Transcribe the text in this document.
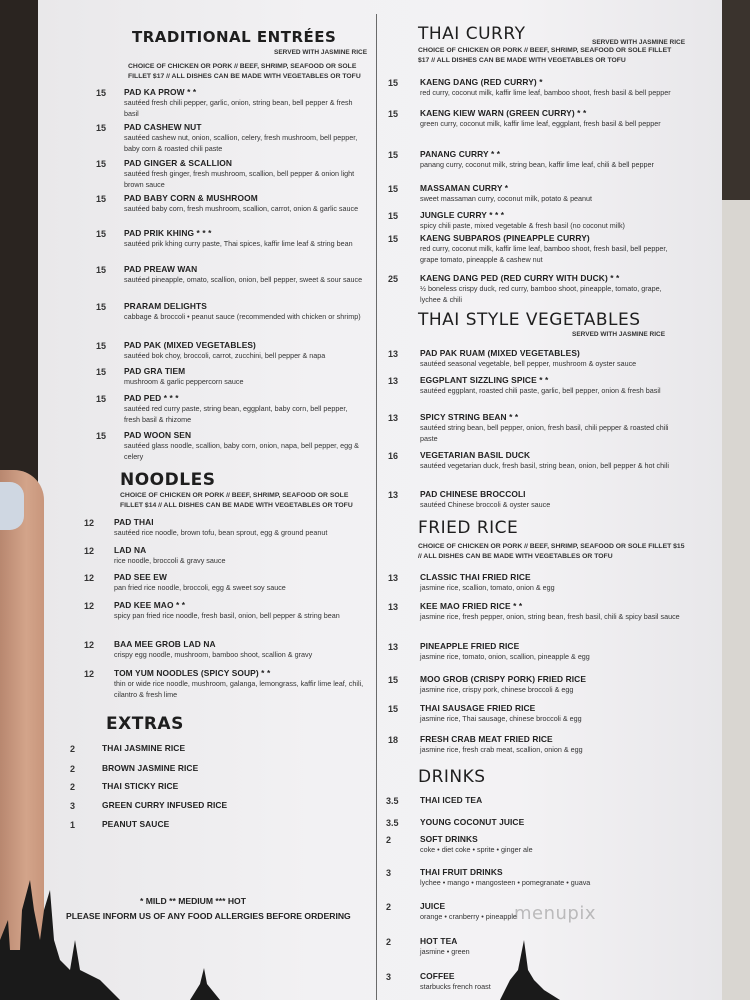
TRADITIONAL ENTRÉES
SERVED WITH JASMINE RICE
CHOICE OF CHICKEN OR PORK // BEEF, SHRIMP, SEAFOOD OR SOLE FILLET $17 // ALL DISHES CAN BE MADE WITH VEGETABLES OR TOFU
15 PAD KA PROW * *
sautéed fresh chili pepper, garlic, onion, string bean, bell pepper & fresh basil
15 PAD CASHEW NUT
sautéed cashew nut, onion, scallion, celery, fresh mushroom, bell pepper, baby corn & roasted chili paste
15 PAD GINGER & SCALLION
sautéed fresh ginger, fresh mushroom, scallion, bell pepper & onion light brown sauce
15 PAD BABY CORN & MUSHROOM
sautéed baby corn, fresh mushroom, scallion, carrot, onion & garlic sauce
15 PAD PRIK KHING * * *
sautéed prik khing curry paste, Thai spices, kaffir lime leaf & string bean
15 PAD PREAW WAN
sautéed pineapple, omato, scallion, onion, bell pepper, sweet & sour sauce
15 PRARAM DELIGHTS
cabbage & broccoli • peanut sauce (recommended with chicken or shrimp)
15 PAD PAK (MIXED VEGETABLES)
sautéed bok choy, broccoli, carrot, zucchini, bell pepper & napa
15 PAD GRA TIEM
mushroom & garlic peppercorn sauce
15 PAD PED * * *
sautéed red curry paste, string bean, eggplant, baby corn, bell pepper, fresh basil & rhizome
15 PAD WOON SEN
sautéed glass noodle, scallion, baby corn, onion, napa, bell pepper, egg & celery
NOODLES
CHOICE OF CHICKEN OR PORK // BEEF, SHRIMP, SEAFOOD OR SOLE FILLET $14 // ALL DISHES CAN BE MADE WITH VEGETABLES OR TOFU
12 PAD THAI
sautéed rice noodle, brown tofu, bean sprout, egg & ground peanut
12 LAD NA
rice noodle, broccoli & gravy sauce
12 PAD SEE EW
pan fried rice noodle, broccoli, egg & sweet soy sauce
12 PAD KEE MAO * *
spicy pan fried rice noodle, fresh basil, onion, bell pepper & string bean
12 BAA MEE GROB LAD NA
crispy egg noodle, mushroom, bamboo shoot, scallion & gravy
12 TOM YUM NOODLES (SPICY SOUP) * *
thin or wide rice noodle, mushroom, galanga, lemongrass, kaffir lime leaf, chili, cilantro & fresh lime
EXTRAS
2	THAI JASMINE RICE
2	BROWN JASMINE RICE
2	THAI STICKY RICE
3	GREEN CURRY INFUSED RICE
1	PEANUT SAUCE
* MILD ** MEDIUM *** HOT
PLEASE INFORM US OF ANY FOOD ALLERGIES BEFORE ORDERING
THAI CURRY	SERVED WITH JASMINE RICE
CHOICE OF CHICKEN OR PORK // BEEF, SHRIMP, SEAFOOD OR SOLE FILLET $17 // ALL DISHES CAN BE MADE WITH VEGETABLES OR TOFU
15	KAENG DANG (RED CURRY) *
red curry, coconut milk, kaffir lime leaf, bamboo shoot, fresh basil & bell pepper
15	KAENG KIEW WARN (GREEN CURRY) * *
green curry, coconut milk, kaffir lime leaf, eggplant, fresh basil & bell pepper
15	PANANG CURRY * *
panang curry, coconut milk, string bean, kaffir lime leaf, chili & bell pepper
15	MASSAMAN CURRY *
sweet massaman curry, coconut milk, potato & peanut
15	JUNGLE CURRY * * *
spicy chili paste, mixed vegetable & fresh basil (no coconut milk)
15	KAENG SUBPAROS (PINEAPPLE CURRY)
red curry, coconut milk, kaffir lime leaf, bamboo shoot, fresh basil, bell pepper, grape tomato, pineapple & cashew nut
25	KAENG DANG PED (RED CURRY WITH DUCK) * *
½ boneless crispy duck, red curry, bamboo shoot, pineapple, tomato, grape, lychee & chili
THAI STYLE VEGETABLES
SERVED WITH JASMINE RICE
13	PAD PAK RUAM (MIXED VEGETABLES)
sautéed seasonal vegetable, bell pepper, mushroom & oyster sauce
13	EGGPLANT SIZZLING SPICE * *
sautéed eggplant, roasted chili paste, garlic, bell pepper, onion & fresh basil
13	SPICY STRING BEAN * *
sautéed string bean, bell pepper, onion, fresh basil, chili pepper & roasted chili paste
16	VEGETARIAN BASIL DUCK
sautéed vegetarian duck, fresh basil, string bean, onion, bell pepper & hot chili
13	PAD CHINESE BROCCOLI
sautéed Chinese broccoli & oyster sauce
FRIED RICE
CHOICE OF CHICKEN OR PORK // BEEF, SHRIMP, SEAFOOD OR SOLE FILLET $15 // ALL DISHES CAN BE MADE WITH VEGETABLES OR TOFU
13	CLASSIC THAI FRIED RICE
jasmine rice, scallion, tomato, onion & egg
13	KEE MAO FRIED RICE * *
jasmine rice, fresh pepper, onion, string bean, fresh basil, chili & spicy basil sauce
13	PINEAPPLE FRIED RICE
jasmine rice, tomato, onion, scallion, pineapple & egg
15	MOO GROB (CRISPY PORK) FRIED RICE
jasmine rice, crispy pork, chinese broccoli & egg
15	THAI SAUSAGE FRIED RICE
jasmine rice, Thai sausage, chinese broccoli & egg
18	FRESH CRAB MEAT FRIED RICE
jasmine rice, fresh crab meat, scallion, onion & egg
DRINKS
3.5	THAI ICED TEA
3.5	YOUNG COCONUT JUICE
2	SOFT DRINKS
coke • diet coke • sprite • ginger ale
3	THAI FRUIT DRINKS
lychee • mango • mangosteen • pomegranate • guava
2	JUICE
orange • cranberry • pineapple
2	HOT TEA
jasmine • green
3	COFFEE
starbucks french roast
menupix
